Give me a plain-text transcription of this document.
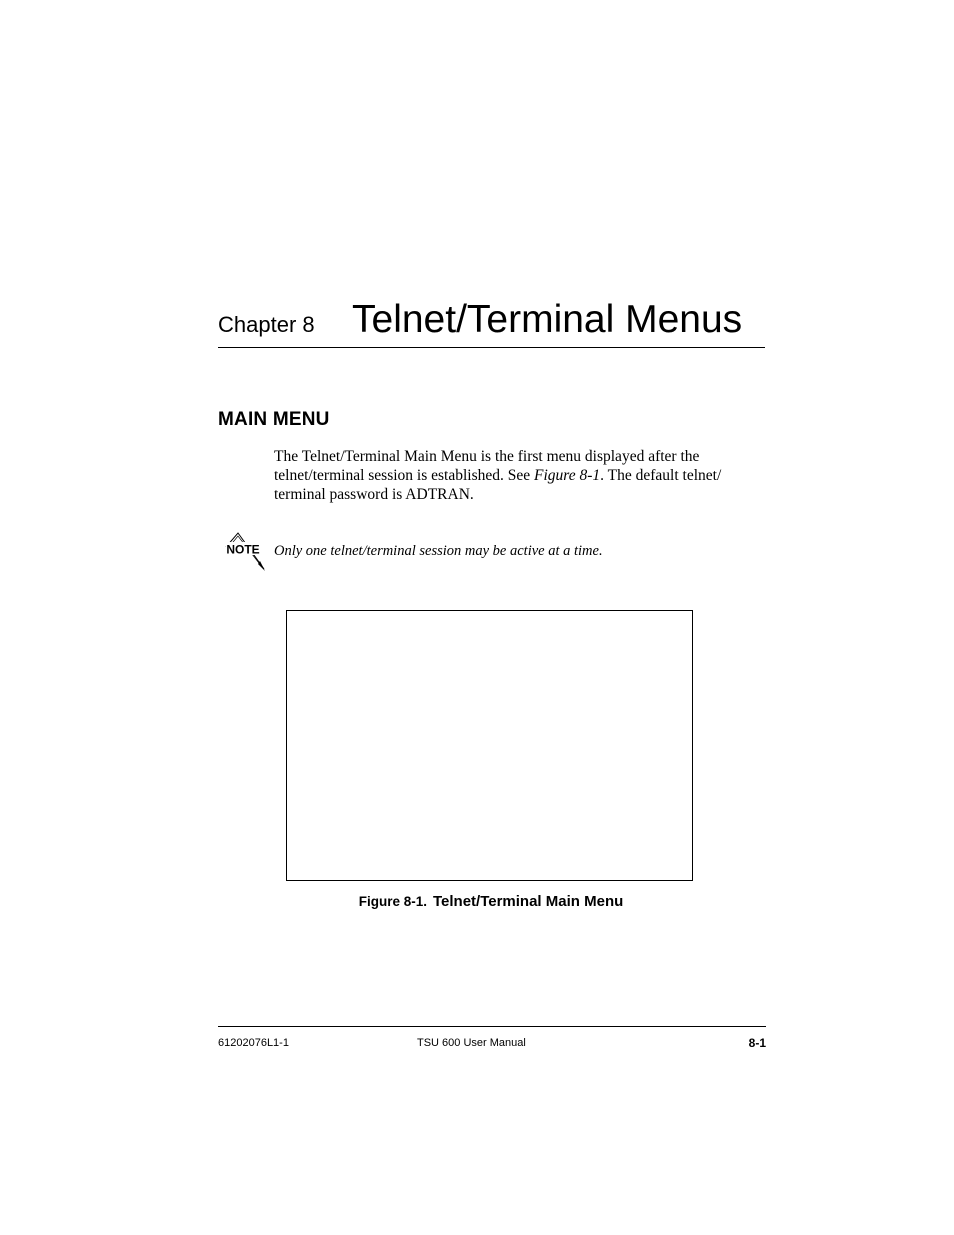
Chapter 8 Telnet/Terminal Menus
MAIN MENU
The Telnet/Terminal Main Menu is the first menu displayed after the
telnet/terminal session is established. See Figure 8-1. The default telnet/
terminal password is ADTRAN.
NOTE Only one telnet/terminal session may be active at a time.
Figure 8-1. Telnet/Terminal Main Menu
61202076L1-1	TSU 600 User Manual	8-1
